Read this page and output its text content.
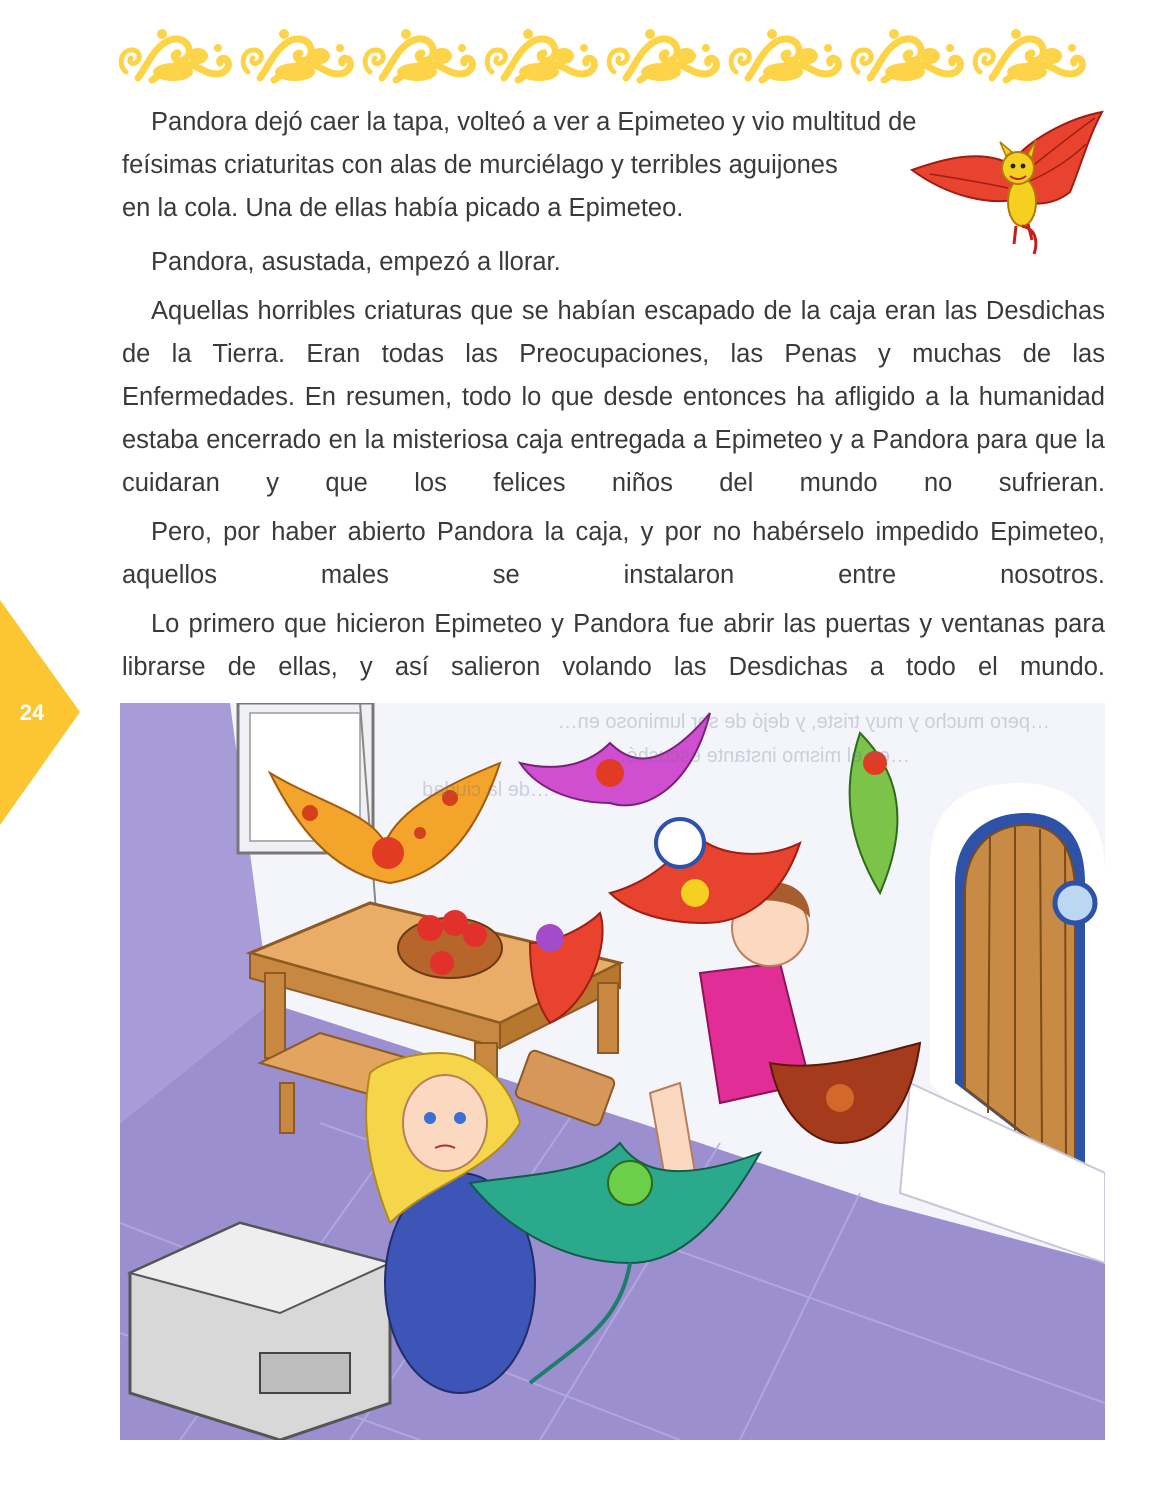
24
Pandora dejó caer la tapa, volteó a ver a Epimeteo y vio multitud de
feísimas criaturitas con alas de murciélago y terribles aguijones
en la cola. Una de ellas había picado a Epimeteo.

Pandora, asustada, empezó a llorar.

Aquellas horribles criaturas que se habían escapado de la caja eran las Desdichas de la Tierra. Eran todas las Preocupaciones, las Penas y muchas de las Enfermedades. En resumen, todo lo que desde entonces ha afligido a la humanidad estaba encerrado en la misteriosa caja entregada a Epimeteo y a Pandora para que la cuidaran y que los felices niños del mundo no sufrieran.

Pero, por haber abierto Pandora la caja, y por no habérselo impedido Epimeteo, aquellos males se instalaron entre nosotros.

Lo primero que hicieron Epimeteo y Pandora fue abrir las puertas y ventanas para librarse de ellas, y así salieron volando las Desdichas a todo el mundo.

…pero mucho y muy triste, y dejó de ser luminoso en…
…en el mismo instante escuchó…
…de la ciudad
